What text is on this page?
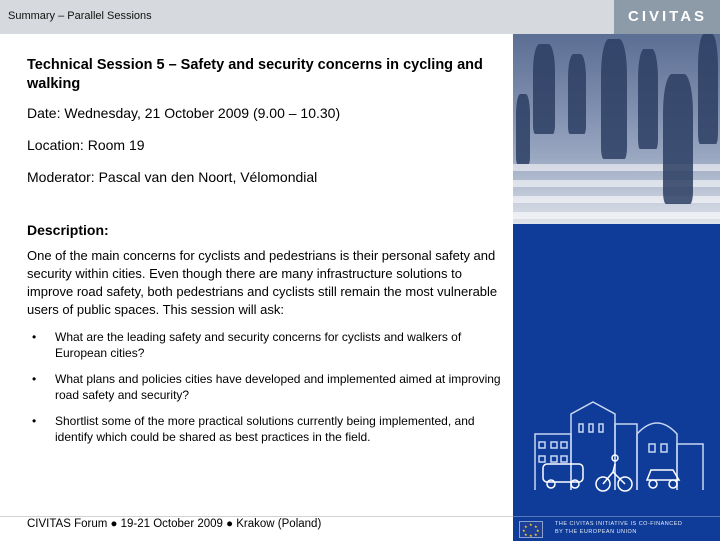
Summary – Parallel Sessions	CIVITAS

Technical Session 5 – Safety and security concerns in cycling and walking

Date: Wednesday, 21 October 2009 (9.00 – 10.30)

Location: Room 19

Moderator: Pascal van den Noort, Vélomondial

Description:

One of the main concerns for cyclists and pedestrians is their personal safety and security within cities. Even though there are many infrastructure solutions to improve road safety, both pedestrians and cyclists still remain the most vulnerable users of public spaces. This session will ask:

• What are the leading safety and security concerns for cyclists and walkers of European cities?
• What plans and policies cities have developed and implemented aimed at improving road safety and security?
• Shortlist some of the more practical solutions currently being implemented, and identify which could be shared as best practices in the field.
CIVITAS Forum ● 19-21 October 2009 ● Krakow (Poland)	★ ★
★
★
★
★
★
★	THE CIVITAS INITIATIVE IS CO-FINANCED
BY THE EUROPEAN UNION
